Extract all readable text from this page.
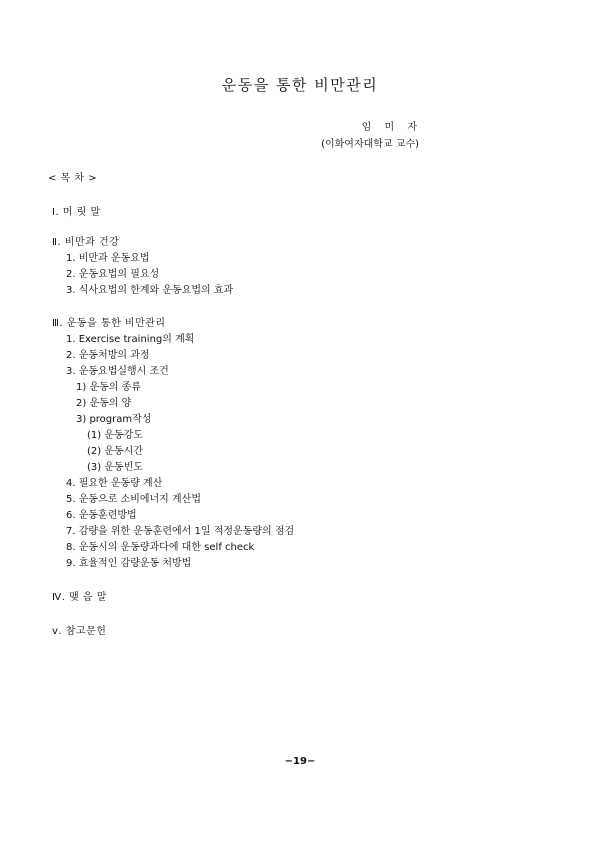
운동을 통한 비만관리
임 미 자
(이화여자대학교 교수)
< 목 차 >
Ⅰ. 머 릿 말
Ⅱ. 비만과 건강
1. 비만과 운동요법
2. 운동요법의 필요성
3. 식사요법의 한계와 운동요법의 효과
Ⅲ. 운동을 통한 비만관리
1. Exercise training의 계획
2. 운동처방의 과정
3. 운동요법실행시 조건
1) 운동의 종류
2) 운동의 양
3) program작성
(1) 운동강도
(2) 운동시간
(3) 운동빈도
4. 필요한 운동량 계산
5. 운동으로 소비에너지 계산법
6. 운동훈련방법
7. 감량을 위한 운동훈련에서 1일 적정운동량의 점검
8. 운동시의 운동량과다에 대한 self check
9. 효율적인 감량운동 처방법
Ⅳ. 맺 음 말
ⅴ. 참고문헌
−19−
